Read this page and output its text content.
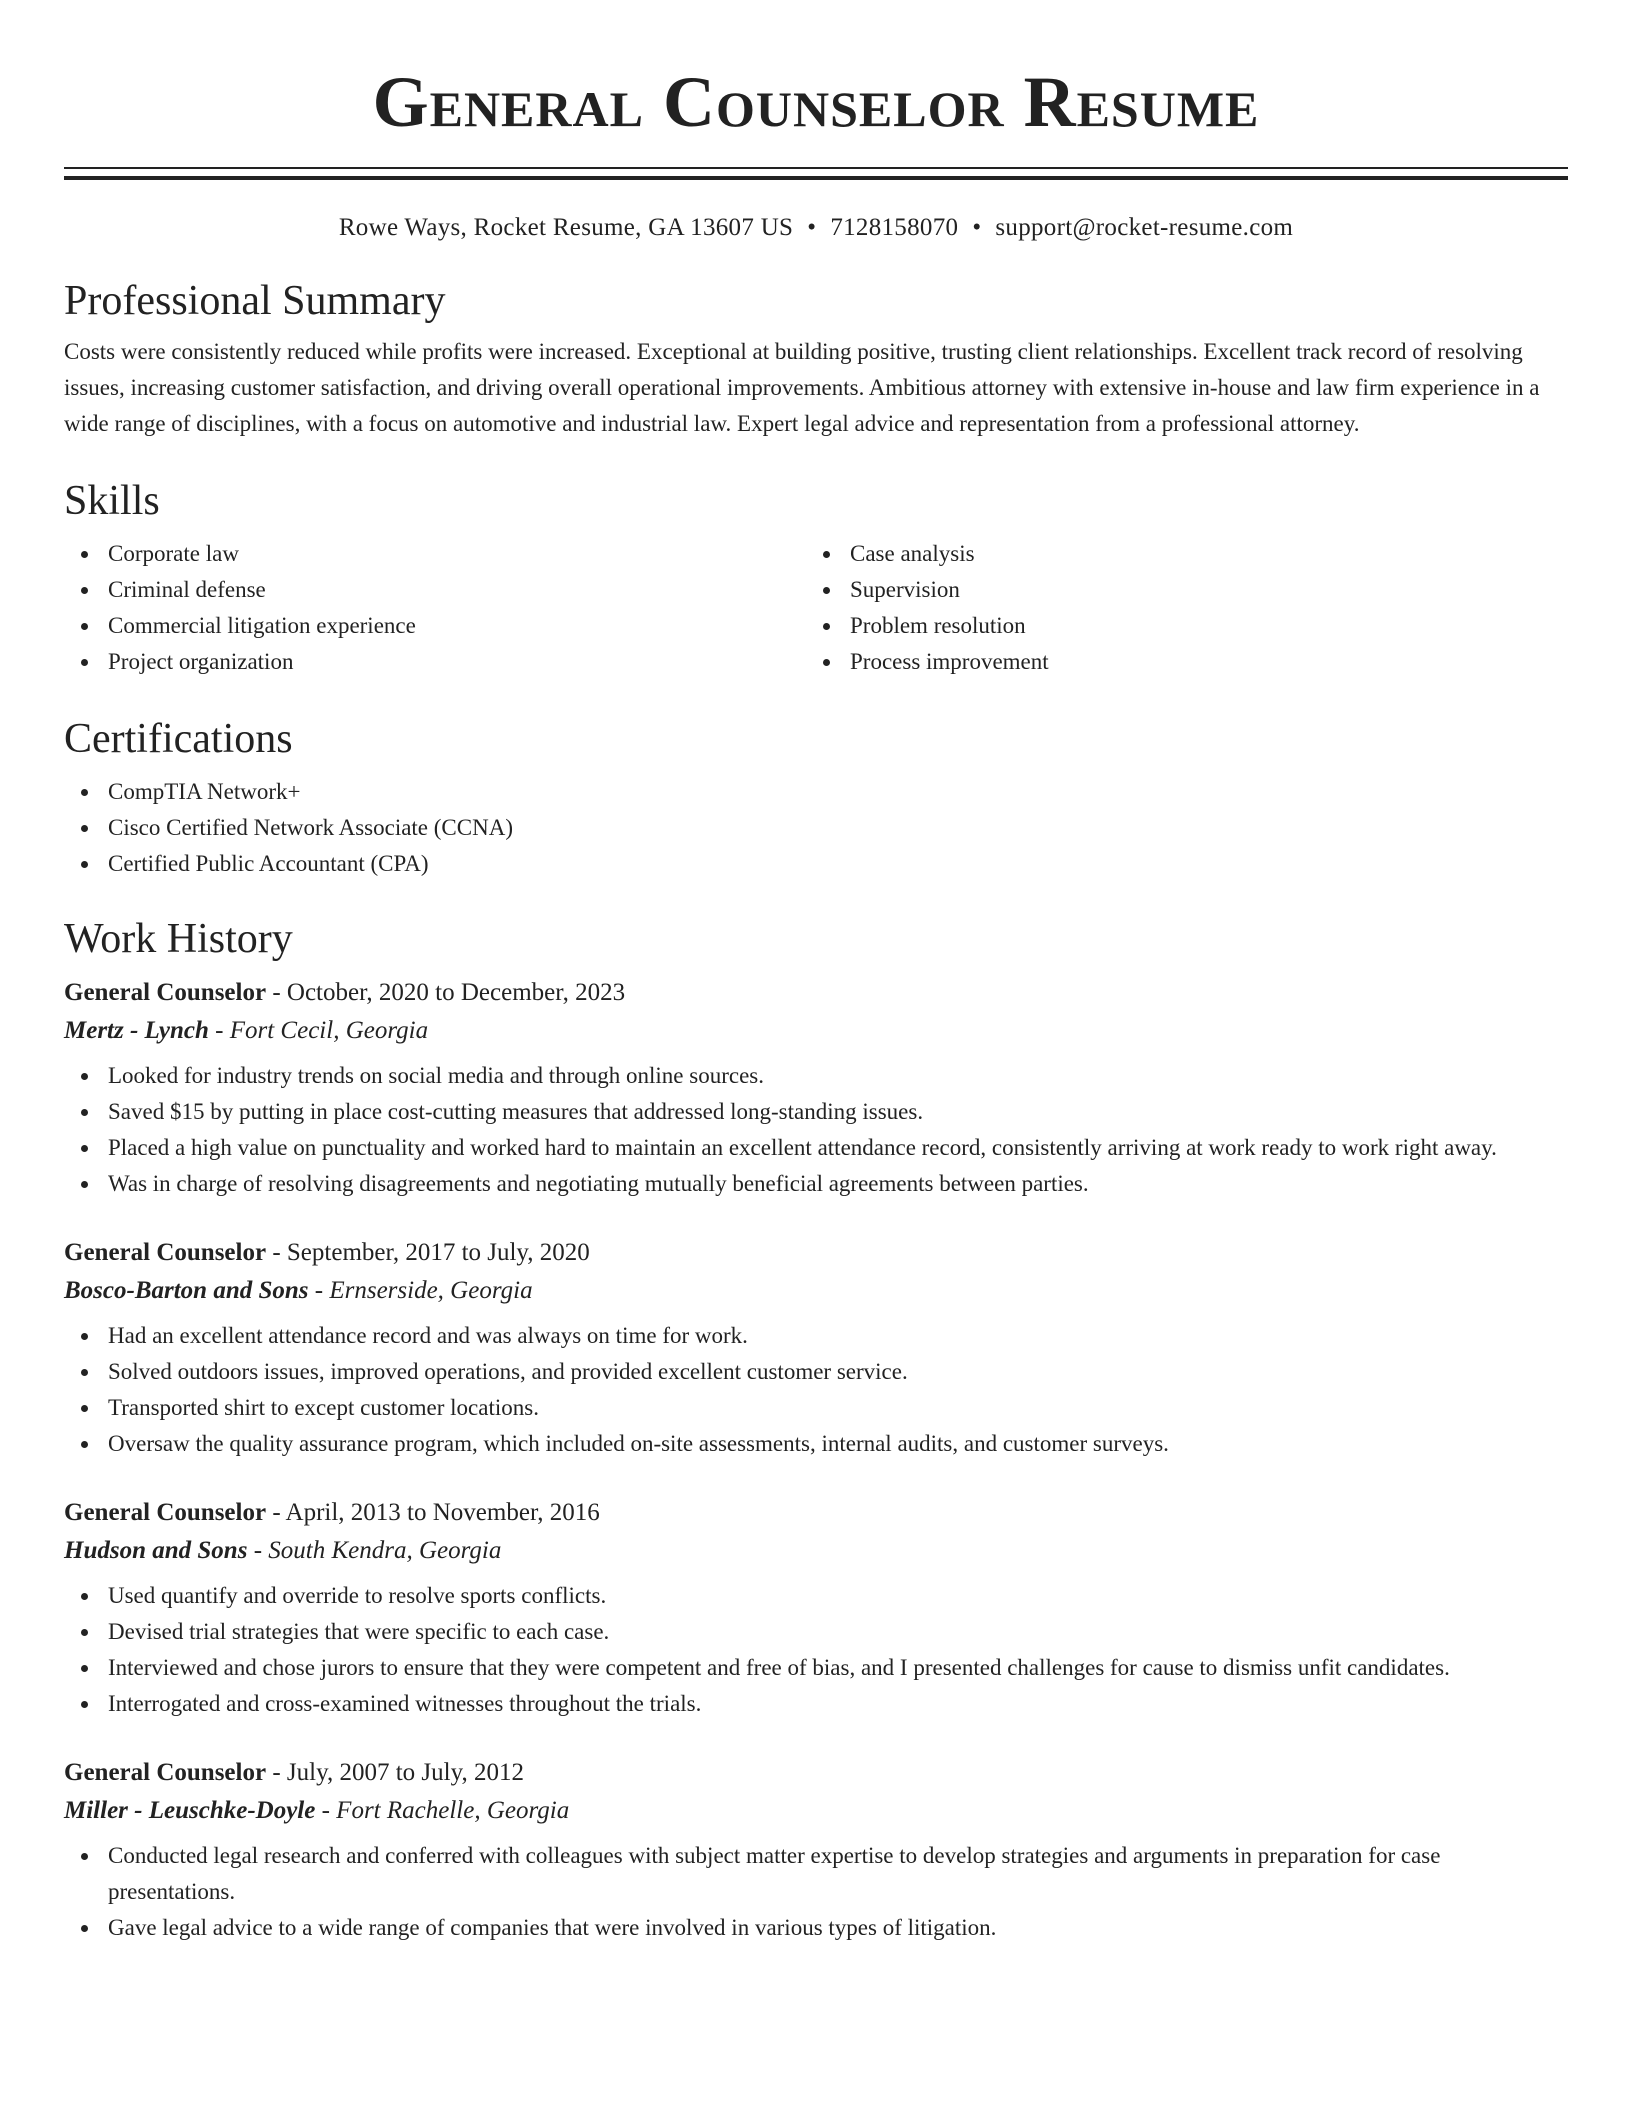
General Counselor Resume
Rowe Ways, Rocket Resume, GA 13607 US • 7128158070 • support@rocket-resume.com
Professional Summary

Costs were consistently reduced while profits were increased. Exceptional at building positive, trusting client relationships. Excellent track record of resolving issues, increasing customer satisfaction, and driving overall operational improvements. Ambitious attorney with extensive in-house and law firm experience in a wide range of disciplines, with a focus on automotive and industrial law. Expert legal advice and representation from a professional attorney.

Skills
Corporate law
Criminal defense
Commercial litigation experience
Project organization
Case analysis
Supervision
Problem resolution
Process improvement
Certifications
CompTIA Network+
Cisco Certified Network Associate (CCNA)
Certified Public Accountant (CPA)
Work History
General Counselor - October, 2020 to December, 2023
Mertz - Lynch - Fort Cecil, Georgia
Looked for industry trends on social media and through online sources.
Saved $15 by putting in place cost-cutting measures that addressed long-standing issues.
Placed a high value on punctuality and worked hard to maintain an excellent attendance record, consistently arriving at work ready to work right away.
Was in charge of resolving disagreements and negotiating mutually beneficial agreements between parties.
General Counselor - September, 2017 to July, 2020
Bosco-Barton and Sons - Ernserside, Georgia
Had an excellent attendance record and was always on time for work.
Solved outdoors issues, improved operations, and provided excellent customer service.
Transported shirt to except customer locations.
Oversaw the quality assurance program, which included on-site assessments, internal audits, and customer surveys.
General Counselor - April, 2013 to November, 2016
Hudson and Sons - South Kendra, Georgia
Used quantify and override to resolve sports conflicts.
Devised trial strategies that were specific to each case.
Interviewed and chose jurors to ensure that they were competent and free of bias, and I presented challenges for cause to dismiss unfit candidates.
Interrogated and cross-examined witnesses throughout the trials.
General Counselor - July, 2007 to July, 2012
Miller - Leuschke-Doyle - Fort Rachelle, Georgia
Conducted legal research and conferred with colleagues with subject matter expertise to develop strategies and arguments in preparation for case presentations.
Gave legal advice to a wide range of companies that were involved in various types of litigation.
